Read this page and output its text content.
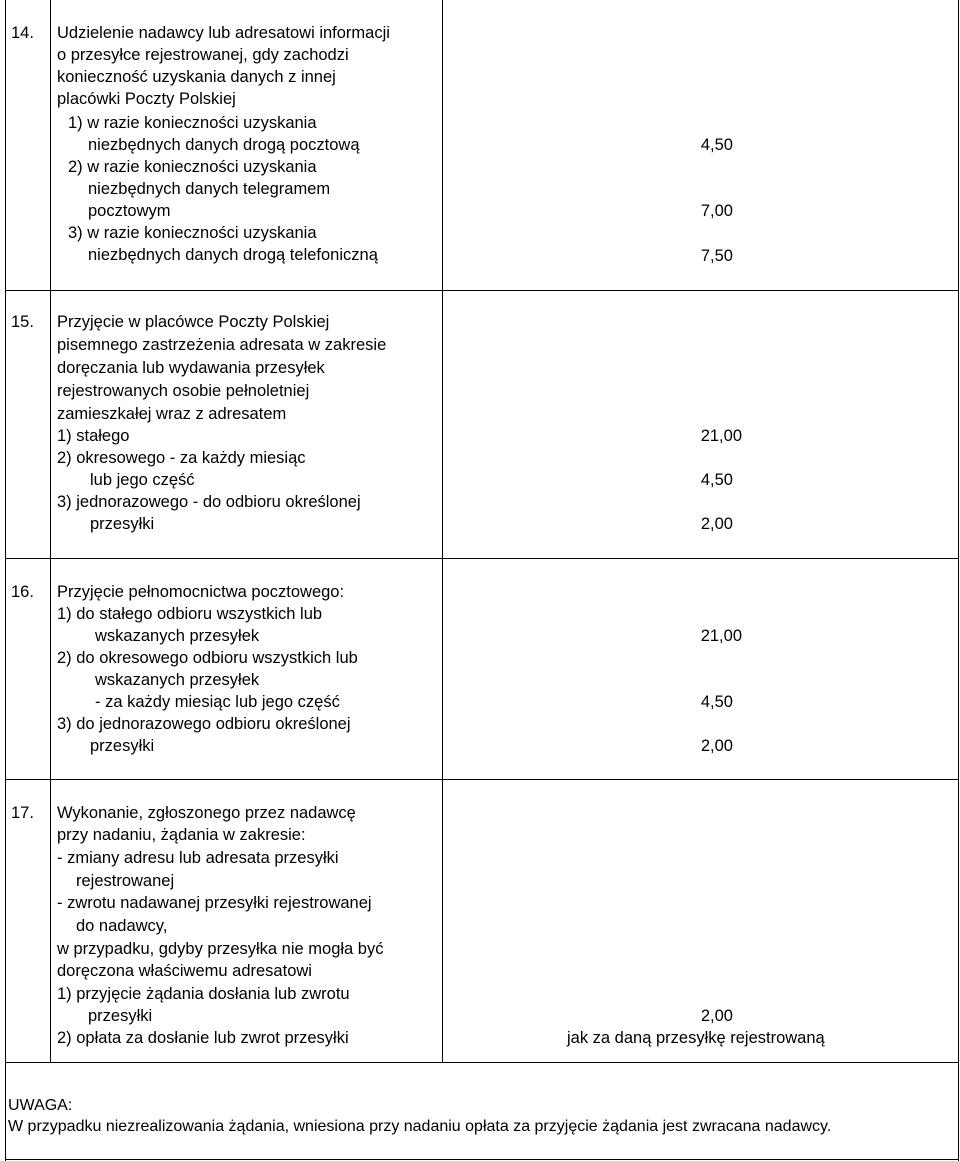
14. Udzielenie nadawcy lub adresatowi informacji
o przesyłce rejestrowanej, gdy zachodzi
konieczność uzyskania danych z innej
placówki Poczty Polskiej
1) w razie konieczności uzyskania
niezbędnych danych drogą pocztową
2) w razie konieczności uzyskania
niezbędnych danych telegramem
pocztowym
3) w razie konieczności uzyskania
niezbędnych danych drogą telefoniczną
4,50
7,00
7,50
15. Przyjęcie w placówce Poczty Polskiej
pisemnego zastrzeżenia adresata w zakresie
doręczania lub wydawania przesyłek
rejestrowanych osobie pełnoletniej
zamieszkałej wraz z adresatem
1) stałego
2) okresowego - za każdy miesiąc
lub jego część
3) jednorazowego - do odbioru określonej
przesyłki
21,00
4,50
2,00
16. Przyjęcie pełnomocnictwa pocztowego:
1) do stałego odbioru wszystkich lub
wskazanych przesyłek
2) do okresowego odbioru wszystkich lub
wskazanych przesyłek
- za każdy miesiąc lub jego część
3) do jednorazowego odbioru określonej
przesyłki
21,00
4,50
2,00
17. Wykonanie, zgłoszonego przez nadawcę
przy nadaniu, żądania w zakresie:
- zmiany adresu lub adresata przesyłki
rejestrowanej
- zwrotu nadawanej przesyłki rejestrowanej
do nadawcy,
w przypadku, gdyby przesyłka nie mogła być
doręczona właściwemu adresatowi
1) przyjęcie żądania dosłania lub zwrotu
przesyłki
2) opłata za dosłanie lub zwrot przesyłki
2,00
jak za daną przesyłkę rejestrowaną
UWAGA:
W przypadku niezrealizowania żądania, wniesiona przy nadaniu opłata za przyjęcie żądania jest zwracana nadawcy.
